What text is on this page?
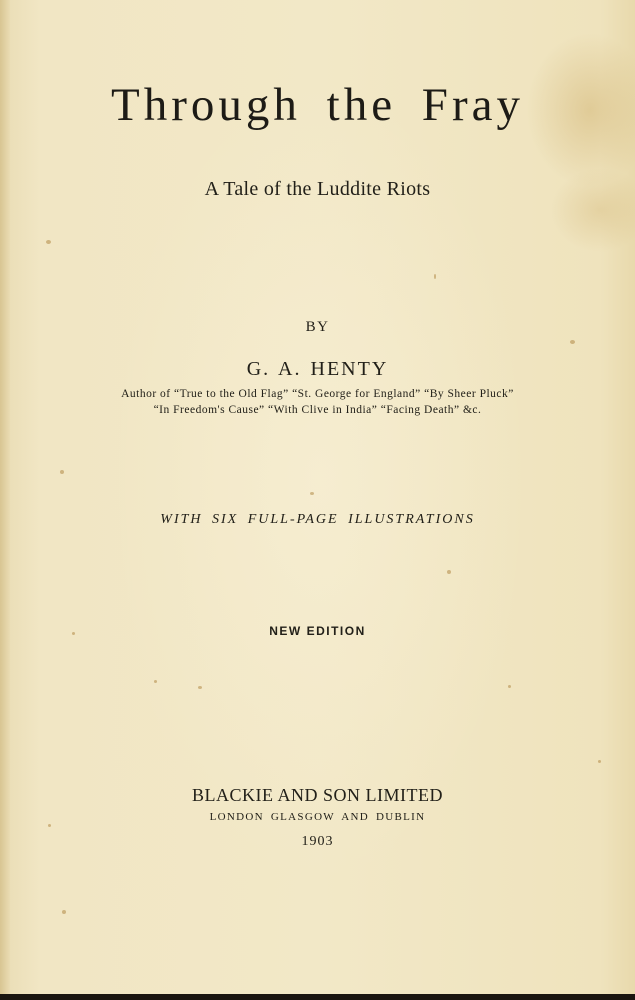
Through the Fray
A Tale of the Luddite Riots
BY
G. A. HENTY
Author of “True to the Old Flag” “St. George for England” “By Sheer Pluck”
“In Freedom's Cause” “With Clive in India” “Facing Death” &c.
WITH SIX FULL-PAGE ILLUSTRATIONS
NEW EDITION
BLACKIE AND SON LIMITED
LONDON GLASGOW AND DUBLIN
1903
